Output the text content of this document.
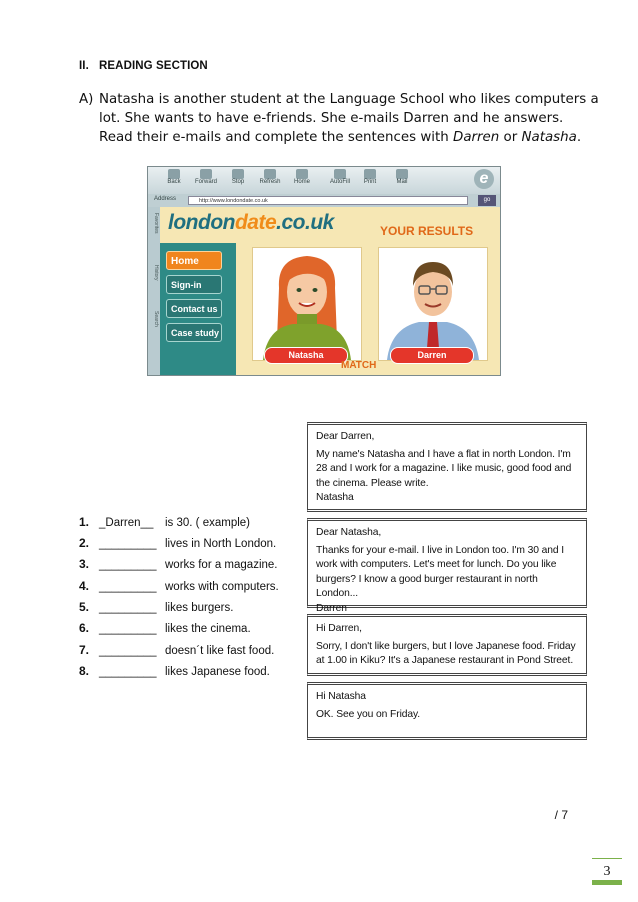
II. READING SECTION
A) Natasha is another student at the Language School who likes computers a lot. She wants to have e-friends. She e-mails Darren and he answers. Read their e-mails and complete the sentences with Darren or Natasha.
Back	Forward	Stop	Refresh	Home	AutoFill	Print	Mail	e
Address	http://www.londondate.co.uk	go
Favorites
History
Search
londondate.co.uk	YOUR RESULTS
Home
Sign-in
Contact us
Case study
Natasha	Darren
MATCH
1. _Darren__ is 30. ( example)
2. _________ lives in North London.
3. _________ works for a magazine.
4. _________ works with computers.
5. _________ likes burgers.
6. _________ likes the cinema.
7. _________ doesn´t like fast food.
8. _________ likes Japanese food.

Dear Darren,

My name's Natasha and I have a flat in north London. I'm 28 and I work for a magazine. I like music, good food and the cinema. Please write.

Natasha

Dear Natasha,

Thanks for your e-mail. I live in London too. I'm 30 and I work with computers. Let's meet for lunch. Do you like burgers? I know a good burger restaurant in north London...

Darren

Hi Darren,

Sorry, I don't like burgers, but I love Japanese food. Friday at 1.00 in Kiku? It's a Japanese restaurant in Pond Street.

Hi Natasha

OK. See you on Friday.

/ 7
3
